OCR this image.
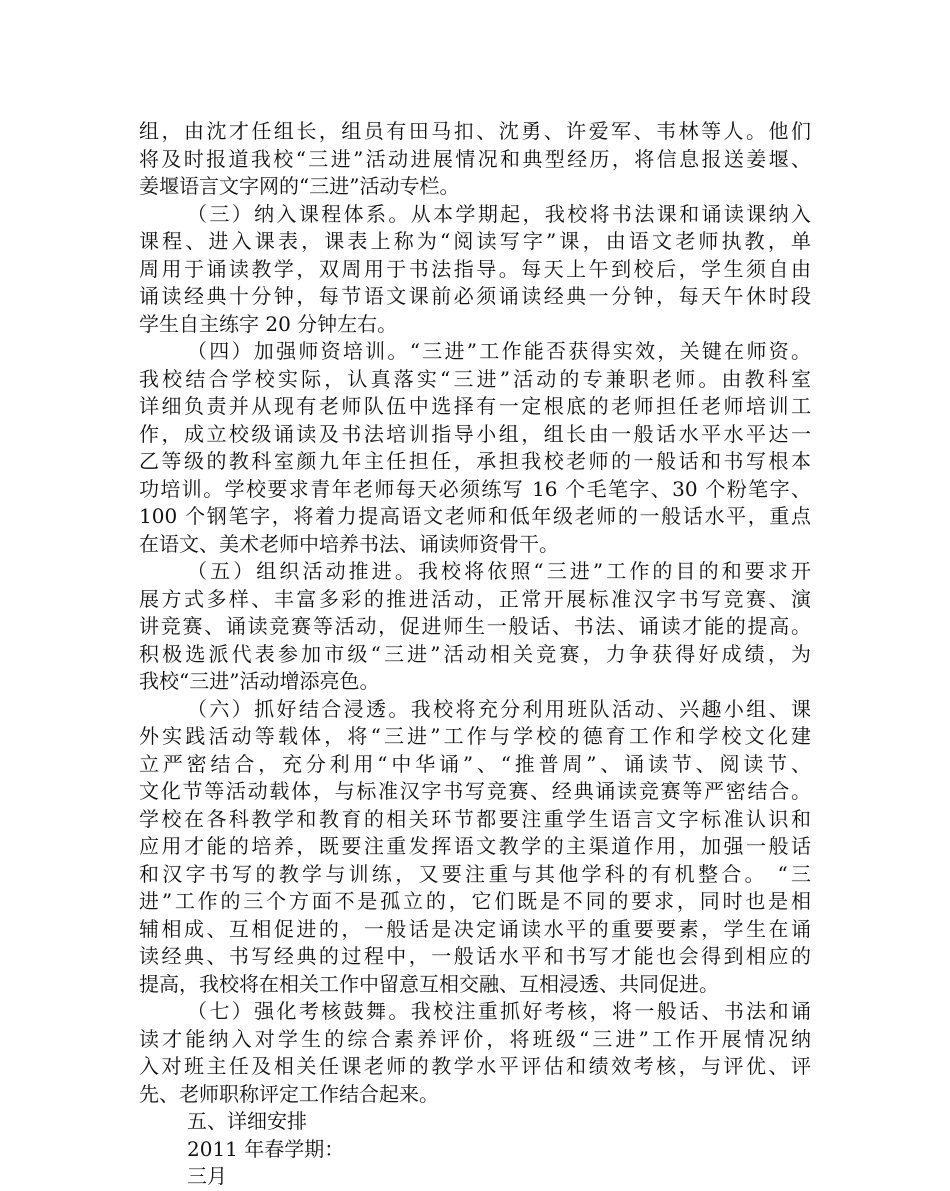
组，由沈才任组长，组员有田马扣、沈勇、许爱军、韦林等人。他们
将及时报道我校“三进”活动进展情况和典型经历，将信息报送姜堰、
姜堰语言文字网的“三进”活动专栏。
（三）纳入课程体系。从本学期起，我校将书法课和诵读课纳入
课程、进入课表，课表上称为“阅读写字”课，由语文老师执教，单
周用于诵读教学，双周用于书法指导。每天上午到校后，学生须自由
诵读经典十分钟，每节语文课前必须诵读经典一分钟，每天午休时段
学生自主练字 20 分钟左右。
（四）加强师资培训。“三进”工作能否获得实效，关键在师资。
我校结合学校实际，认真落实“三进”活动的专兼职老师。由教科室
详细负责并从现有老师队伍中选择有一定根底的老师担任老师培训工
作，成立校级诵读及书法培训指导小组，组长由一般话水平水平达一
乙等级的教科室颜九年主任担任，承担我校老师的一般话和书写根本
功培训。学校要求青年老师每天必须练写 16 个毛笔字、30 个粉笔字、
100 个钢笔字，将着力提高语文老师和低年级老师的一般话水平，重点
在语文、美术老师中培养书法、诵读师资骨干。
（五）组织活动推进。我校将依照“三进”工作的目的和要求开
展方式多样、丰富多彩的推进活动，正常开展标准汉字书写竞赛、演
讲竞赛、诵读竞赛等活动，促进师生一般话、书法、诵读才能的提高。
积极选派代表参加市级“三进”活动相关竞赛，力争获得好成绩，为
我校“三进”活动增添亮色。
（六）抓好结合浸透。我校将充分利用班队活动、兴趣小组、课
外实践活动等载体，将“三进”工作与学校的德育工作和学校文化建
立严密结合，充分利用“中华诵”、“推普周”、诵读节、阅读节、
文化节等活动载体，与标准汉字书写竞赛、经典诵读竞赛等严密结合。
学校在各科教学和教育的相关环节都要注重学生语言文字标准认识和
应用才能的培养，既要注重发挥语文教学的主渠道作用，加强一般话
和汉字书写的教学与训练，又要注重与其他学科的有机整合。 “三
进”工作的三个方面不是孤立的，它们既是不同的要求，同时也是相
辅相成、互相促进的，一般话是决定诵读水平的重要要素，学生在诵
读经典、书写经典的过程中，一般话水平和书写才能也会得到相应的
提高，我校将在相关工作中留意互相交融、互相浸透、共同促进。
（七）强化考核鼓舞。我校注重抓好考核，将一般话、书法和诵
读才能纳入对学生的综合素养评价，将班级“三进”工作开展情况纳
入对班主任及相关任课老师的教学水平评估和绩效考核，与评优、评
先、老师职称评定工作结合起来。
五、详细安排
2011 年春学期：
三月
